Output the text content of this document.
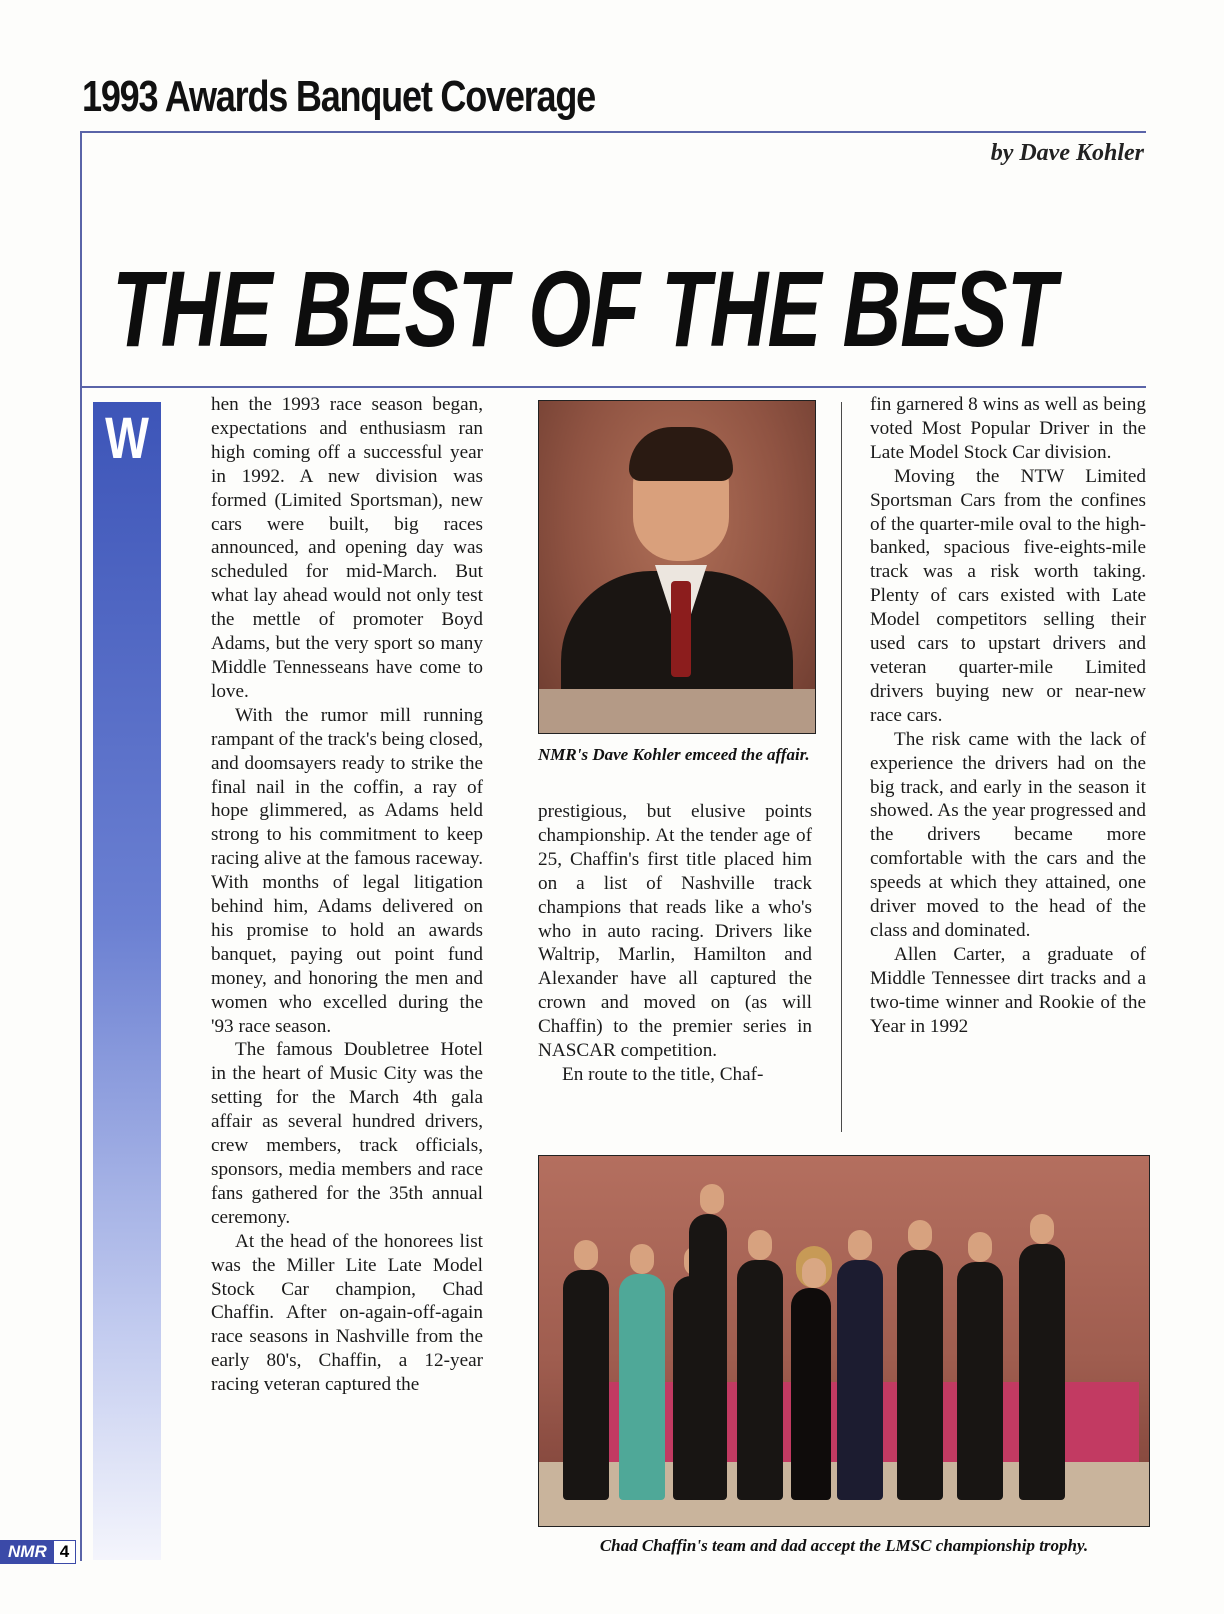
1993 Awards Banquet Coverage

by Dave Kohler

THE BEST OF THE BEST
W

hen the 1993 race season began, expectations and enthusiasm ran high coming off a successful year in 1992. A new division was formed (Limited Sportsman), new cars were built, big races announced, and opening day was scheduled for mid-March. But what lay ahead would not only test the mettle of promoter Boyd Adams, but the very sport so many Middle Tennesseans have come to love.

With the rumor mill running rampant of the track's being closed, and doomsayers ready to strike the final nail in the coffin, a ray of hope glimmered, as Adams held strong to his commitment to keep racing alive at the famous raceway. With months of legal litigation behind him, Adams delivered on his promise to hold an awards banquet, paying out point fund money, and honoring the men and women who excelled during the '93 race season.

The famous Doubletree Hotel in the heart of Music City was the setting for the March 4th gala affair as several hundred drivers, crew members, track officials, sponsors, media members and race fans gathered for the 35th annual ceremony.

At the head of the honorees list was the Miller Lite Late Model Stock Car champion, Chad Chaffin. After on-again-off-again race seasons in Nashville from the early 80's, Chaffin, a 12-year racing veteran captured the

NMR's Dave Kohler emceed the affair.

prestigious, but elusive points championship. At the tender age of 25, Chaffin's first title placed him on a list of Nashville track champions that reads like a who's who in auto racing. Drivers like Waltrip, Marlin, Hamilton and Alexander have all captured the crown and moved on (as will Chaffin) to the premier series in NASCAR competition.

En route to the title, Chaf-

fin garnered 8 wins as well as being voted Most Popular Driver in the Late Model Stock Car division.

Moving the NTW Limited Sportsman Cars from the confines of the quarter-mile oval to the high-banked, spacious five-eights-mile track was a risk worth taking. Plenty of cars existed with Late Model competitors selling their used cars to upstart drivers and veteran quarter-mile Limited drivers buying new or near-new race cars.

The risk came with the lack of experience the drivers had on the big track, and early in the season it showed. As the year progressed and the drivers became more comfortable with the cars and the speeds at which they attained, one driver moved to the head of the class and dominated.

Allen Carter, a graduate of Middle Tennessee dirt tracks and a two-time winner and Rookie of the Year in 1992

Chad Chaffin's team and dad accept the LMSC championship trophy.

NMR 4
